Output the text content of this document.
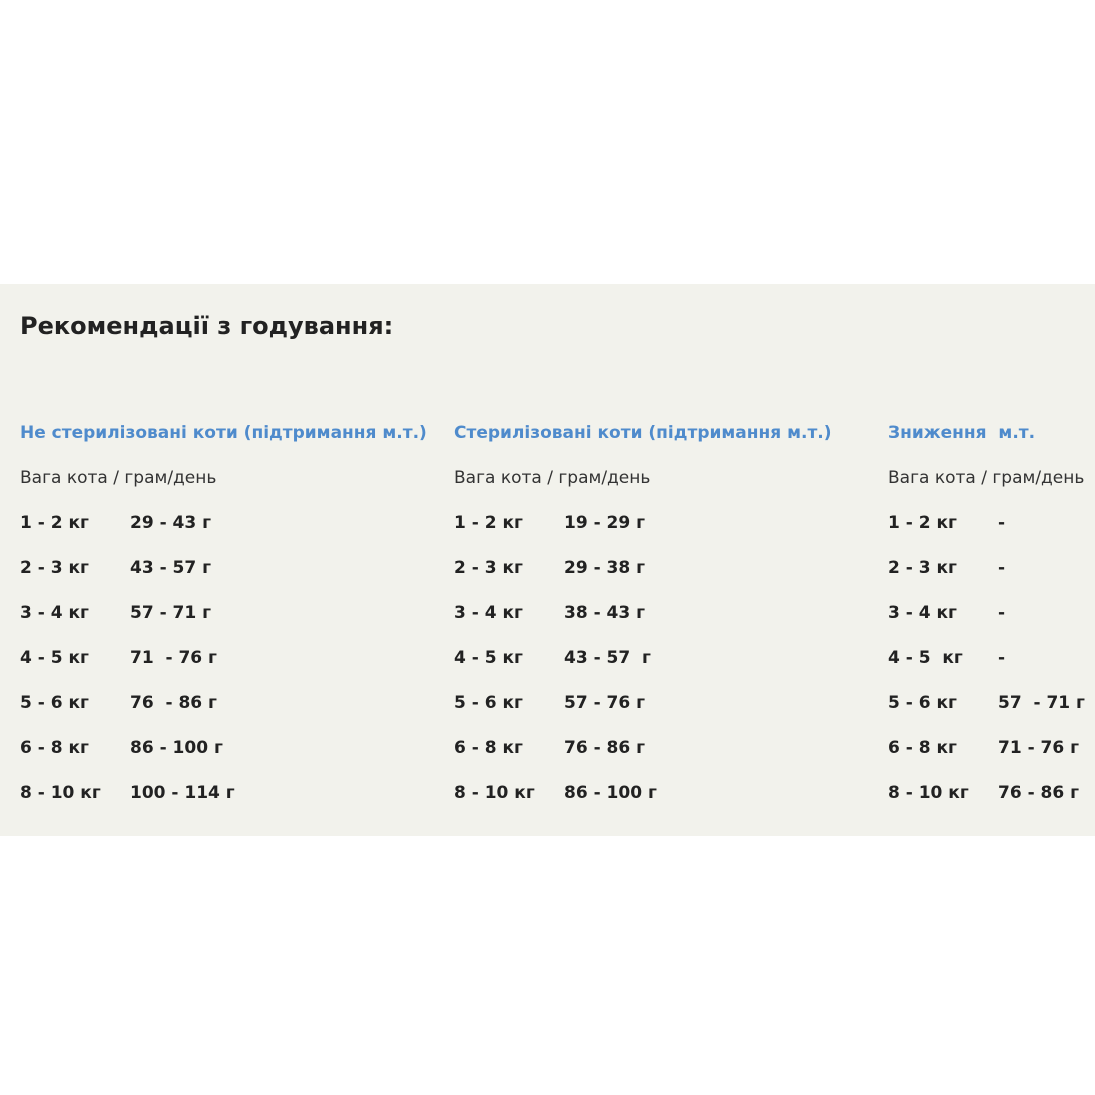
Рекомендації з годування:
Не стерилізовані коти (підтримання м.т.)
Вага кота / грам/день
1 - 2 кг 29 - 43 г
2 - 3 кг 43 - 57 г
3 - 4 кг 57 - 71 г
4 - 5 кг 71  - 76 г
5 - 6 кг 76  - 86 г
6 - 8 кг 86 - 100 г
8 - 10 кг 100 - 114 г
Стерилізовані коти (підтримання м.т.)
Вага кота / грам/день
1 - 2 кг 19 - 29 г
2 - 3 кг 29 - 38 г
3 - 4 кг 38 - 43 г
4 - 5 кг 43 - 57  г
5 - 6 кг 57 - 76 г
6 - 8 кг 76 - 86 г
8 - 10 кг 86 - 100 г
Зниження  м.т.
Вага кота / грам/день
1 - 2 кг -
2 - 3 кг -
3 - 4 кг -
4 - 5  кг -
5 - 6 кг 57  - 71 г
6 - 8 кг 71 - 76 г
8 - 10 кг 76 - 86 г
